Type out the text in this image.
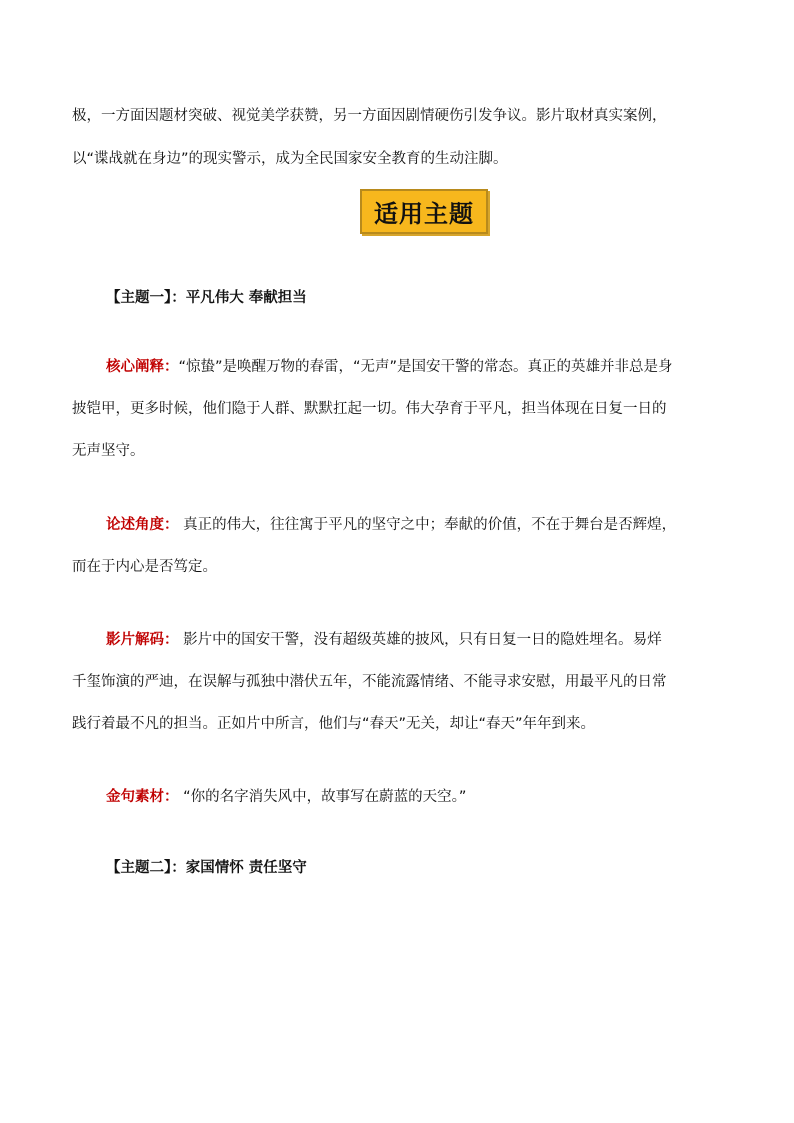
极，一方面因题材突破、视觉美学获赞，另一方面因剧情硬伤引发争议。影片取材真实案例，
以“谍战就在身边”的现实警示，成为全民国家安全教育的生动注脚。
适用主题
【主题一】：平凡伟大 奉献担当
核心阐释：“惊蛰”是唤醒万物的春雷，“无声”是国安干警的常态。真正的英雄并非总是身
披铠甲，更多时候，他们隐于人群、默默扛起一切。伟大孕育于平凡，担当体现在日复一日的
无声坚守。
论述角度： 真正的伟大，往往寓于平凡的坚守之中；奉献的价值，不在于舞台是否辉煌，
而在于内心是否笃定。
影片解码： 影片中的国安干警，没有超级英雄的披风，只有日复一日的隐姓埋名。易烊
千玺饰演的严迪，在误解与孤独中潜伏五年，不能流露情绪、不能寻求安慰，用最平凡的日常
践行着最不凡的担当。正如片中所言，他们与“春天”无关，却让“春天”年年到来。
金句素材： “你的名字消失风中，故事写在蔚蓝的天空。”
【主题二】：家国情怀 责任坚守
